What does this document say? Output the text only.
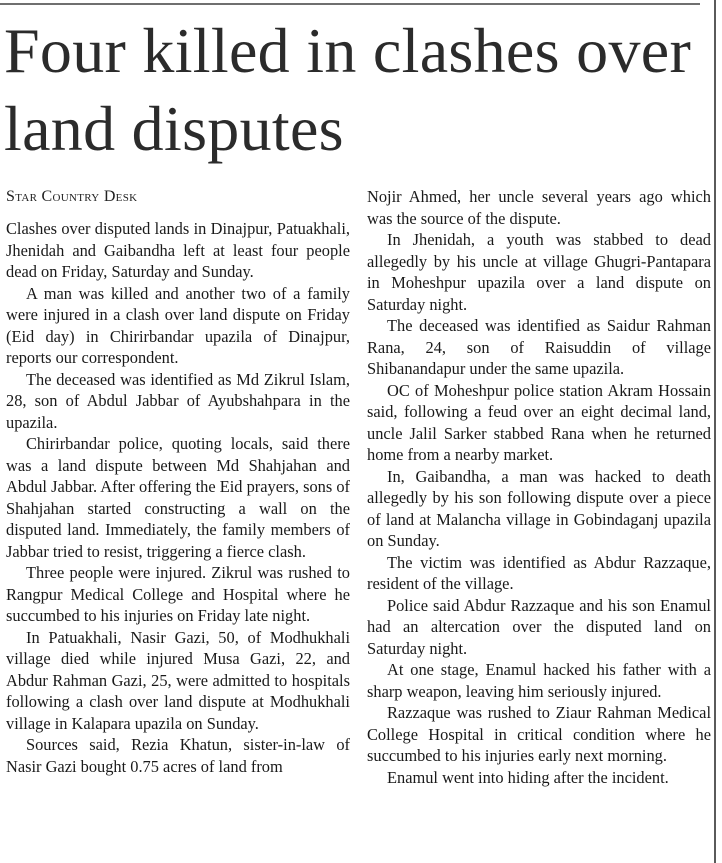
Four killed in clashes over land disputes
Star Country Desk

Clashes over disputed lands in Dinajpur, Patuakhali, Jhenidah and Gaibandha left at least four people dead on Friday, Saturday and Sunday.

A man was killed and another two of a family were injured in a clash over land dispute on Friday (Eid day) in Chirirbandar upazila of Dinajpur, reports our correspondent.

The deceased was identified as Md Zikrul Islam, 28, son of Abdul Jabbar of Ayubshahpara in the upazila.

Chirirbandar police, quoting locals, said there was a land dispute between Md Shahjahan and Abdul Jabbar. After offering the Eid prayers, sons of Shahjahan started constructing a wall on the disputed land. Immediately, the family members of Jabbar tried to resist, triggering a fierce clash.

Three people were injured. Zikrul was rushed to Rangpur Medical College and Hospital where he succumbed to his injuries on Friday late night.

In Patuakhali, Nasir Gazi, 50, of Modhukhali village died while injured Musa Gazi, 22, and Abdur Rahman Gazi, 25, were admitted to hospitals following a clash over land dispute at Modhukhali village in Kalapara upazila on Sunday.

Sources said, Rezia Khatun, sister-in-law of Nasir Gazi bought 0.75 acres of land from

Nojir Ahmed, her uncle several years ago which was the source of the dispute.

In Jhenidah, a youth was stabbed to dead allegedly by his uncle at village Ghugri-Pantapara in Moheshpur upazila over a land dispute on Saturday night.

The deceased was identified as Saidur Rahman Rana, 24, son of Raisuddin of village Shibanandapur under the same upazila.

OC of Moheshpur police station Akram Hossain said, following a feud over an eight decimal land, uncle Jalil Sarker stabbed Rana when he returned home from a nearby market.

In, Gaibandha, a man was hacked to death allegedly by his son following dispute over a piece of land at Malancha village in Gobindaganj upazila on Sunday.

The victim was identified as Abdur Razzaque, resident of the village.

Police said Abdur Razzaque and his son Enamul had an altercation over the disputed land on Saturday night.

At one stage, Enamul hacked his father with a sharp weapon, leaving him seriously injured.

Razzaque was rushed to Ziaur Rahman Medical College Hospital in critical condition where he succumbed to his injuries early next morning.

Enamul went into hiding after the incident.
